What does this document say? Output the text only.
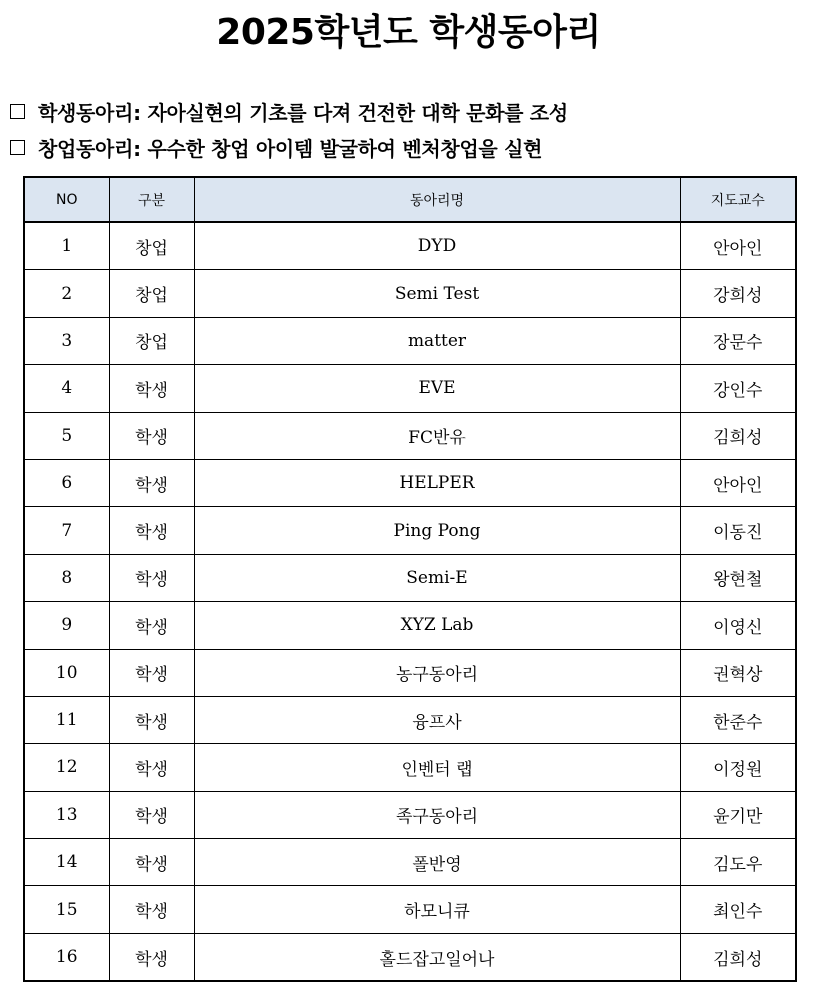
2025학년도 학생동아리
학생동아리: 자아실현의 기초를 다져 건전한 대학 문화를 조성
창업동아리: 우수한 창업 아이템 발굴하여 벤처창업을 실현
NO	구분	동아리명	지도교수
1	창업	DYD	안아인
2	창업	Semi Test	강희성
3	창업	matter	장문수
4	학생	EVE	강인수
5	학생	FC반유	김희성
6	학생	HELPER	안아인
7	학생	Ping Pong	이동진
8	학생	Semi-E	왕현철
9	학생	XYZ Lab	이영신
10	학생	농구동아리	권혁상
11	학생	융프사	한준수
12	학생	인벤터 랩	이정원
13	학생	족구동아리	윤기만
14	학생	폴반영	김도우
15	학생	하모니큐	최인수
16	학생	홀드잡고일어나	김희성
